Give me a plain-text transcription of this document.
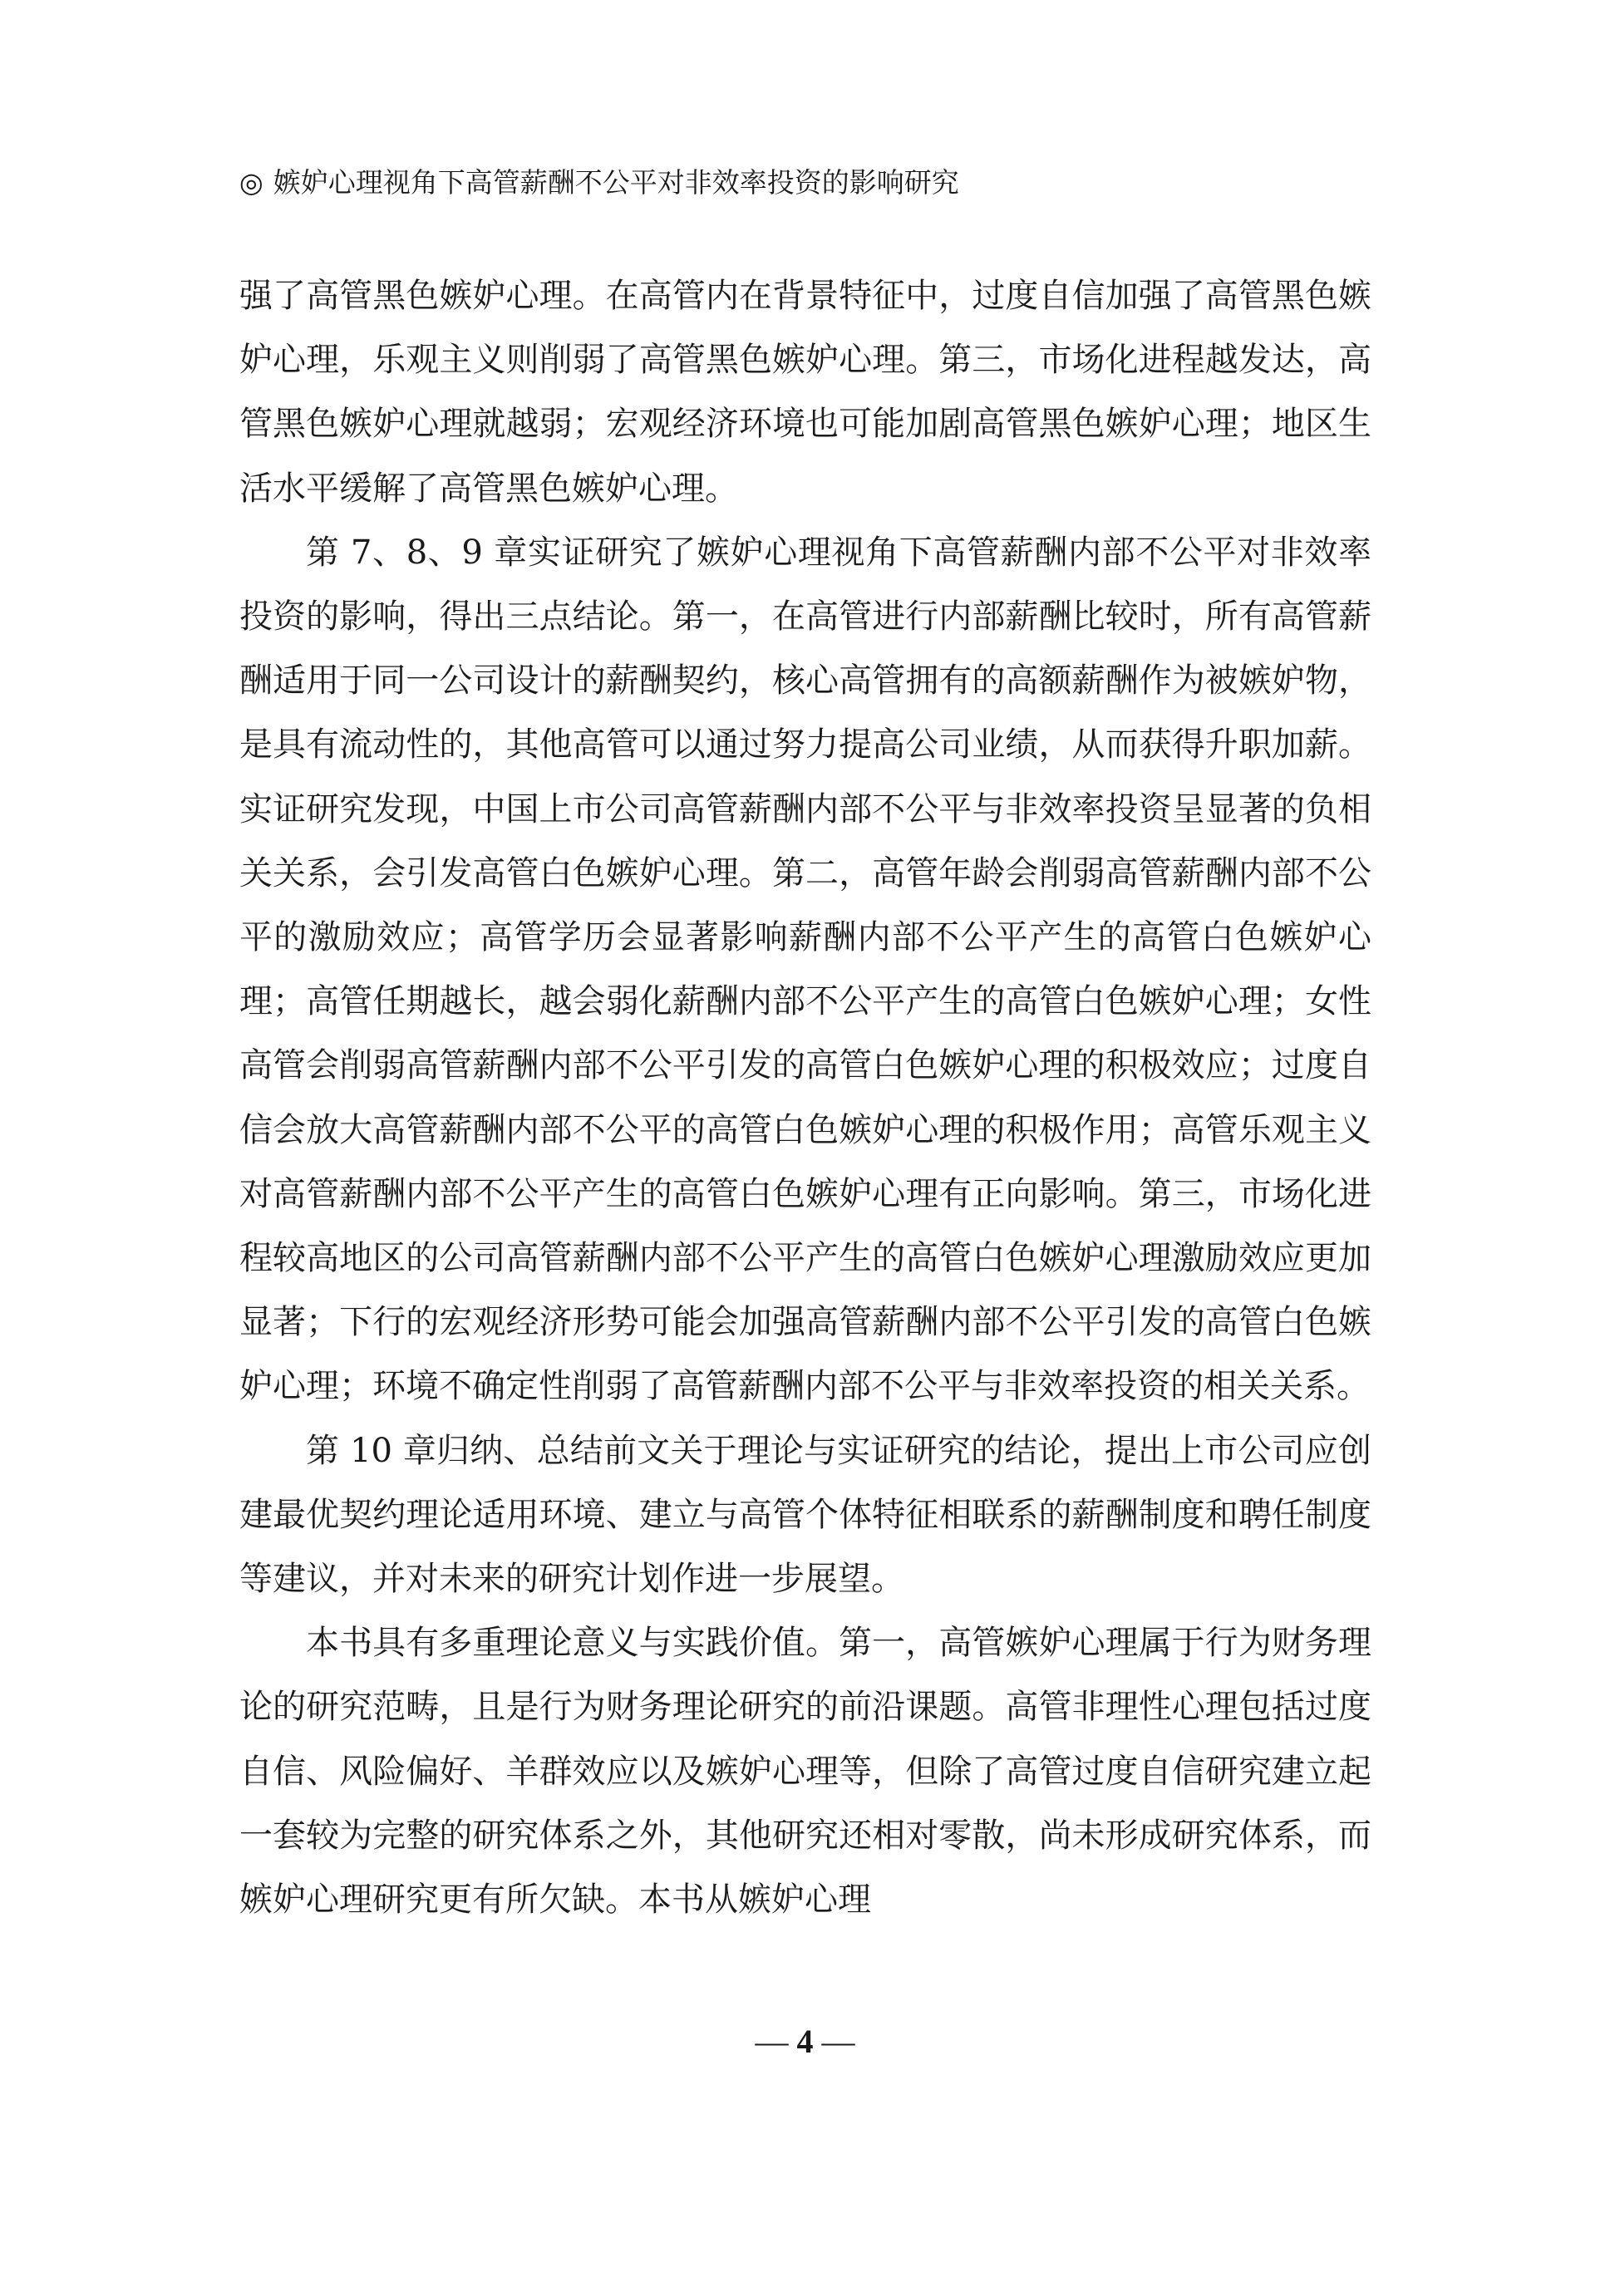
◎ 嫉妒心理视角下高管薪酬不公平对非效率投资的影响研究

强了高管黑色嫉妒心理。在高管内在背景特征中，过度自信加强了高管黑色嫉妒心理，乐观主义则削弱了高管黑色嫉妒心理。第三，市场化进程越发达，高管黑色嫉妒心理就越弱；宏观经济环境也可能加剧高管黑色嫉妒心理；地区生活水平缓解了高管黑色嫉妒心理。

第 7、8、9 章实证研究了嫉妒心理视角下高管薪酬内部不公平对非效率投资的影响，得出三点结论。第一，在高管进行内部薪酬比较时，所有高管薪酬适用于同一公司设计的薪酬契约，核心高管拥有的高额薪酬作为被嫉妒物，是具有流动性的，其他高管可以通过努力提高公司业绩，从而获得升职加薪。实证研究发现，中国上市公司高管薪酬内部不公平与非效率投资呈显著的负相关关系，会引发高管白色嫉妒心理。第二，高管年龄会削弱高管薪酬内部不公平的激励效应；高管学历会显著影响薪酬内部不公平产生的高管白色嫉妒心理；高管任期越长，越会弱化薪酬内部不公平产生的高管白色嫉妒心理；女性高管会削弱高管薪酬内部不公平引发的高管白色嫉妒心理的积极效应；过度自信会放大高管薪酬内部不公平的高管白色嫉妒心理的积极作用；高管乐观主义对高管薪酬内部不公平产生的高管白色嫉妒心理有正向影响。第三，市场化进程较高地区的公司高管薪酬内部不公平产生的高管白色嫉妒心理激励效应更加显著；下行的宏观经济形势可能会加强高管薪酬内部不公平引发的高管白色嫉妒心理；环境不确定性削弱了高管薪酬内部不公平与非效率投资的相关关系。

第 10 章归纳、总结前文关于理论与实证研究的结论，提出上市公司应创建最优契约理论适用环境、建立与高管个体特征相联系的薪酬制度和聘任制度等建议，并对未来的研究计划作进一步展望。

本书具有多重理论意义与实践价值。第一，高管嫉妒心理属于行为财务理论的研究范畴，且是行为财务理论研究的前沿课题。高管非理性心理包括过度自信、风险偏好、羊群效应以及嫉妒心理等，但除了高管过度自信研究建立起一套较为完整的研究体系之外，其他研究还相对零散，尚未形成研究体系，而嫉妒心理研究更有所欠缺。本书从嫉妒心理

— 4 —
